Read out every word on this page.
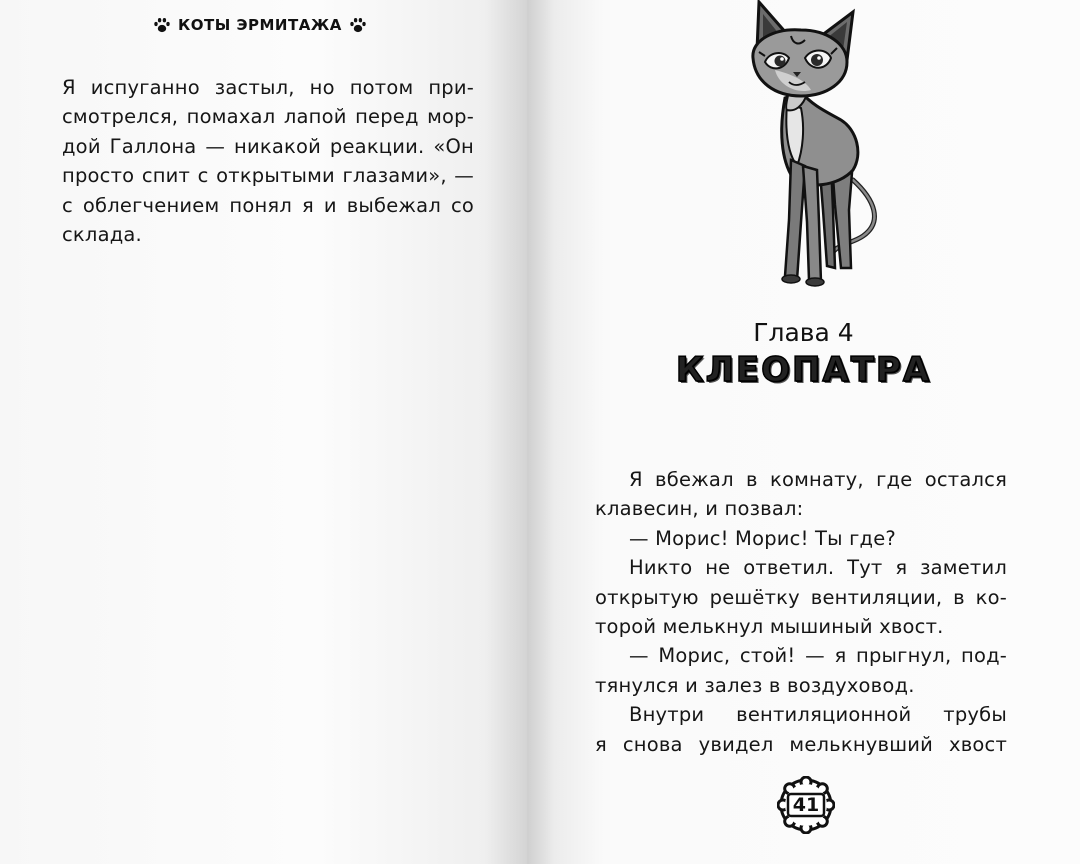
КОТЫ ЭРМИТАЖА
Я испуганно застыл, но потом при-
смотрелся, помахал лапой перед мор-
дой Галлона — никакой реакции. «Он
просто спит с открытыми глазами», —
с облегчением понял я и выбежал со
склада.
Глава 4
КЛЕОПАТРА
Я вбежал в комнату, где остался
клавесин, и позвал:
— Морис! Морис! Ты где?
Никто не ответил. Тут я заметил
открытую решётку вентиляции, в ко-
торой мелькнул мышиный хвост.
— Морис, стой! — я прыгнул, под-
тянулся и залез в воздуховод.
Внутри вентиляционной трубы
я снова увидел мелькнувший хвост
41
